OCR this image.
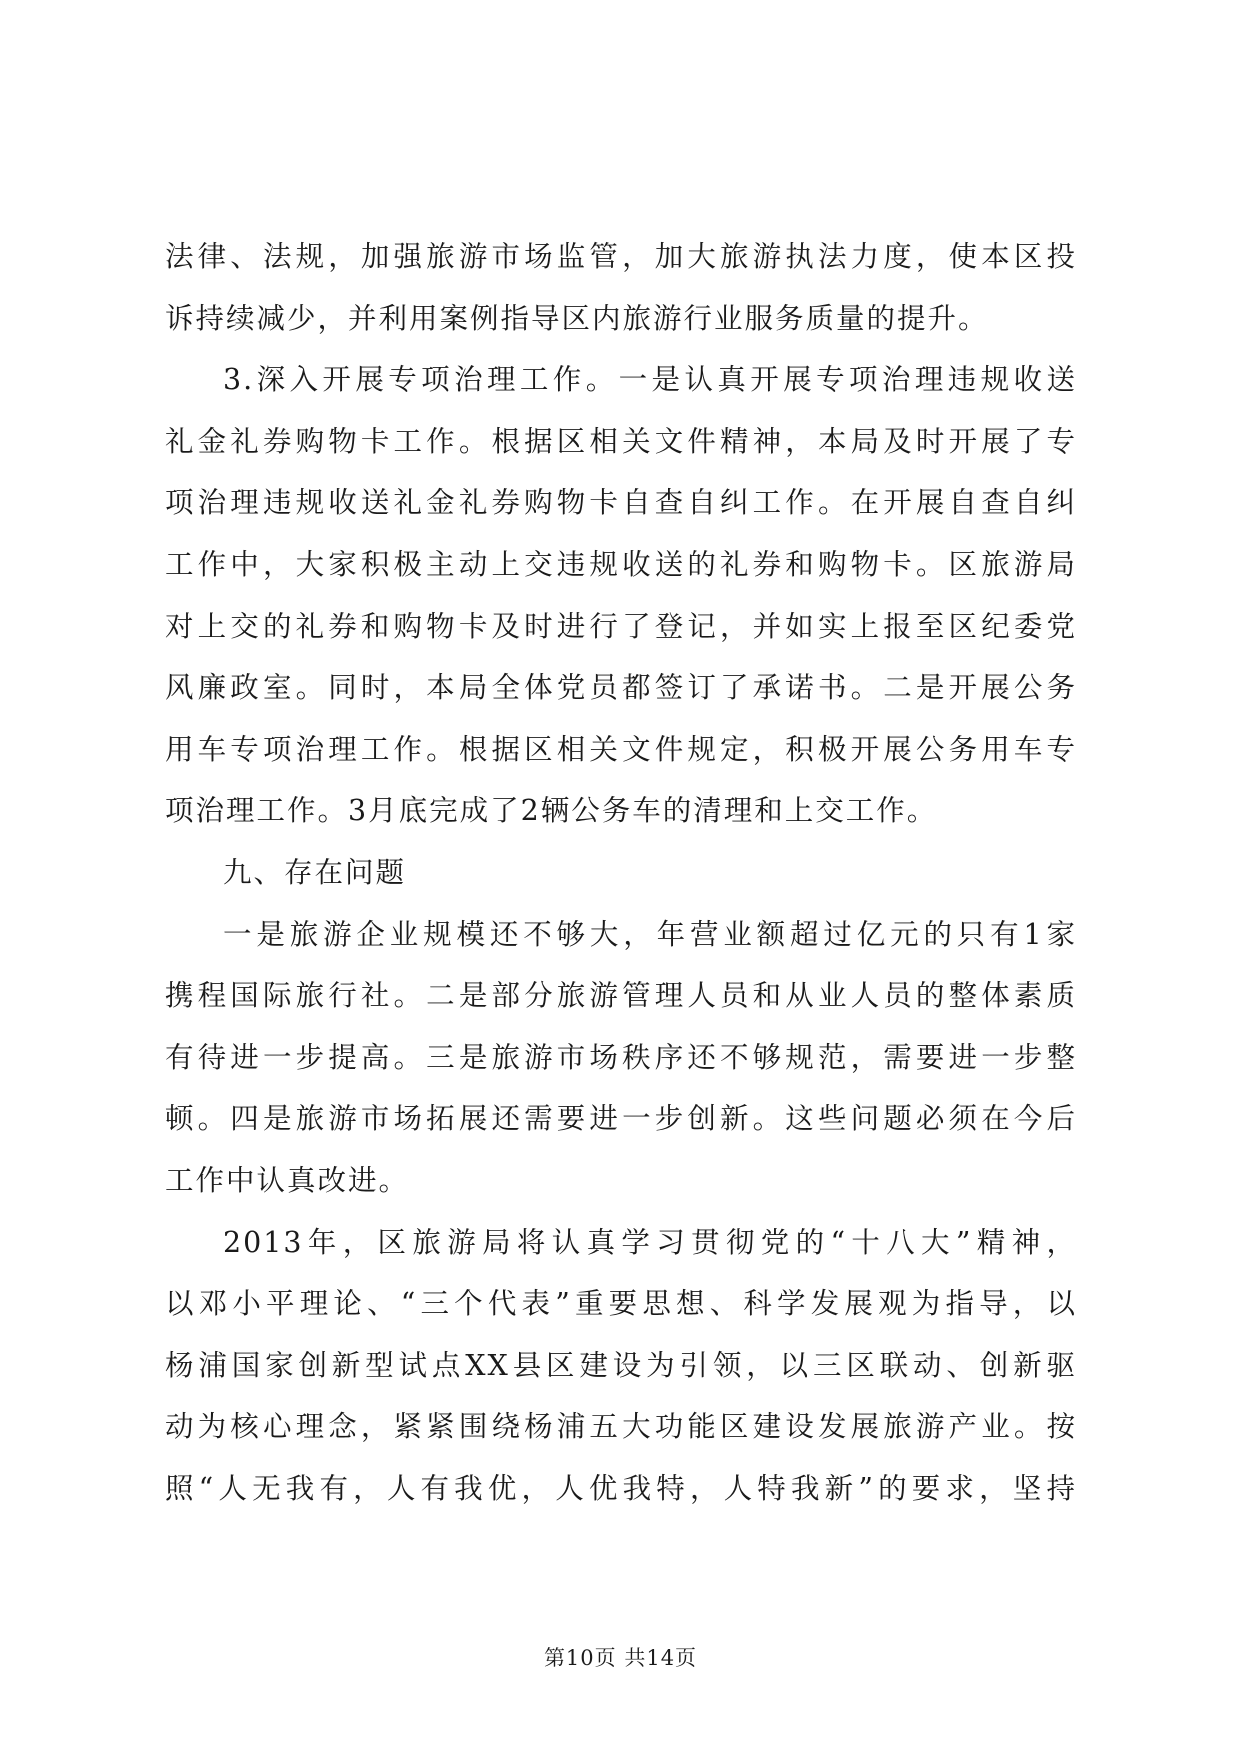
法律、法规，加强旅游市场监管，加大旅游执法力度，使本区投
诉持续减少，并利用案例指导区内旅游行业服务质量的提升。
3.深入开展专项治理工作。一是认真开展专项治理违规收送
礼金礼券购物卡工作。根据区相关文件精神，本局及时开展了专
项治理违规收送礼金礼券购物卡自查自纠工作。在开展自查自纠
工作中，大家积极主动上交违规收送的礼券和购物卡。区旅游局
对上交的礼券和购物卡及时进行了登记，并如实上报至区纪委党
风廉政室。同时，本局全体党员都签订了承诺书。二是开展公务
用车专项治理工作。根据区相关文件规定，积极开展公务用车专
项治理工作。3月底完成了2辆公务车的清理和上交工作。
九、存在问题
一是旅游企业规模还不够大，年营业额超过亿元的只有1家
携程国际旅行社。二是部分旅游管理人员和从业人员的整体素质
有待进一步提高。三是旅游市场秩序还不够规范，需要进一步整
顿。四是旅游市场拓展还需要进一步创新。这些问题必须在今后
工作中认真改进。
2013年，区旅游局将认真学习贯彻党的“十八大”精神，
以邓小平理论、“三个代表”重要思想、科学发展观为指导，以
杨浦国家创新型试点XX县区建设为引领，以三区联动、创新驱
动为核心理念，紧紧围绕杨浦五大功能区建设发展旅游产业。按
照“人无我有，人有我优，人优我特，人特我新”的要求，坚持
第10页 共14页
